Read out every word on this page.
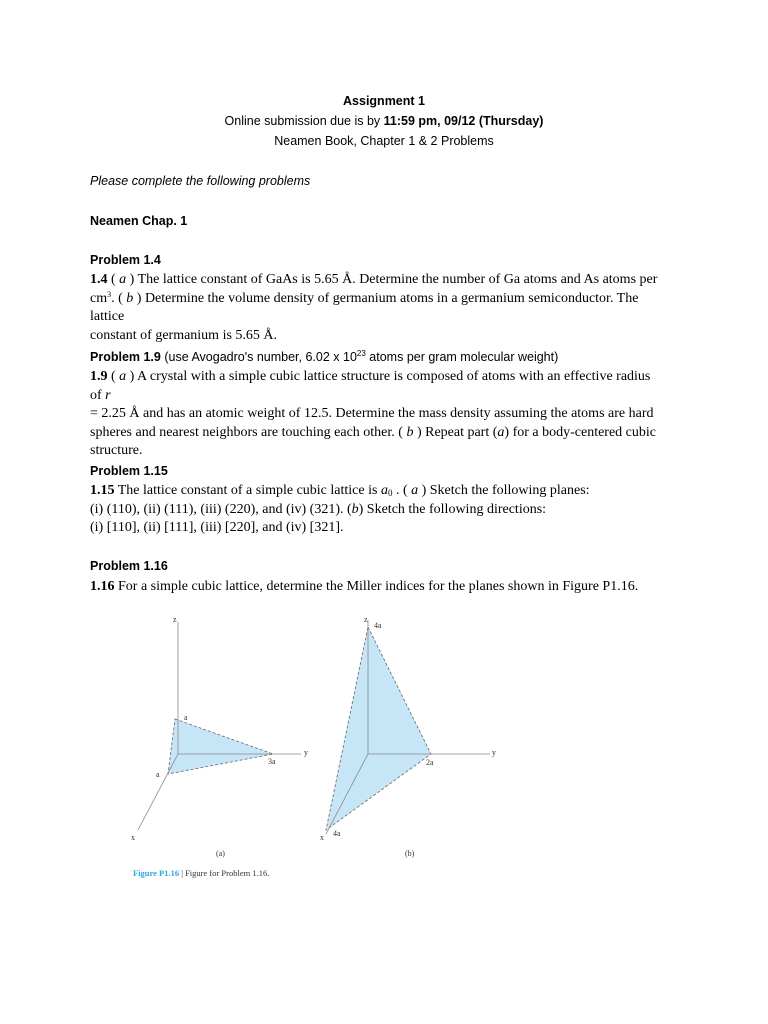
Assignment 1
Online submission due is by 11:59 pm, 09/12 (Thursday)
Neamen Book, Chapter 1 & 2 Problems
Please complete the following problems
Neamen Chap. 1
Problem 1.4
1.4 ( a ) The lattice constant of GaAs is 5.65 Å. Determine the number of Ga atoms and As atoms per
$cm^3$. ( b ) Determine the volume density of germanium atoms in a germanium semiconductor. The lattice
constant of germanium is 5.65 Å.
Problem 1.9 (use Avogadro's number, 6.02 x $10^{23}$ atoms per gram molecular weight)
1.9 ( a ) A crystal with a simple cubic lattice structure is composed of atoms with an effective radius of r
= 2.25 Å and has an atomic weight of 12.5. Determine the mass density assuming the atoms are hard
spheres and nearest neighbors are touching each other. ( b ) Repeat part (a) for a body-centered cubic
structure.
Problem 1.15
1.15 The lattice constant of a simple cubic lattice is $a_0$ . ( a ) Sketch the following planes:
(i) (110), (ii) (111), (iii) (220), and (iv) (321). (b) Sketch the following directions:
(i) [110], (ii) [111], (iii) [220], and (iv) [321].
Problem 1.16
1.16 For a simple cubic lattice, determine the Miller indices for the planes shown in Figure P1.16.
z
y
x
a
a
3a
(a)
z
y
x
4a
2a
4a
(b)
Figure P1.16 | Figure for Problem 1.16.
